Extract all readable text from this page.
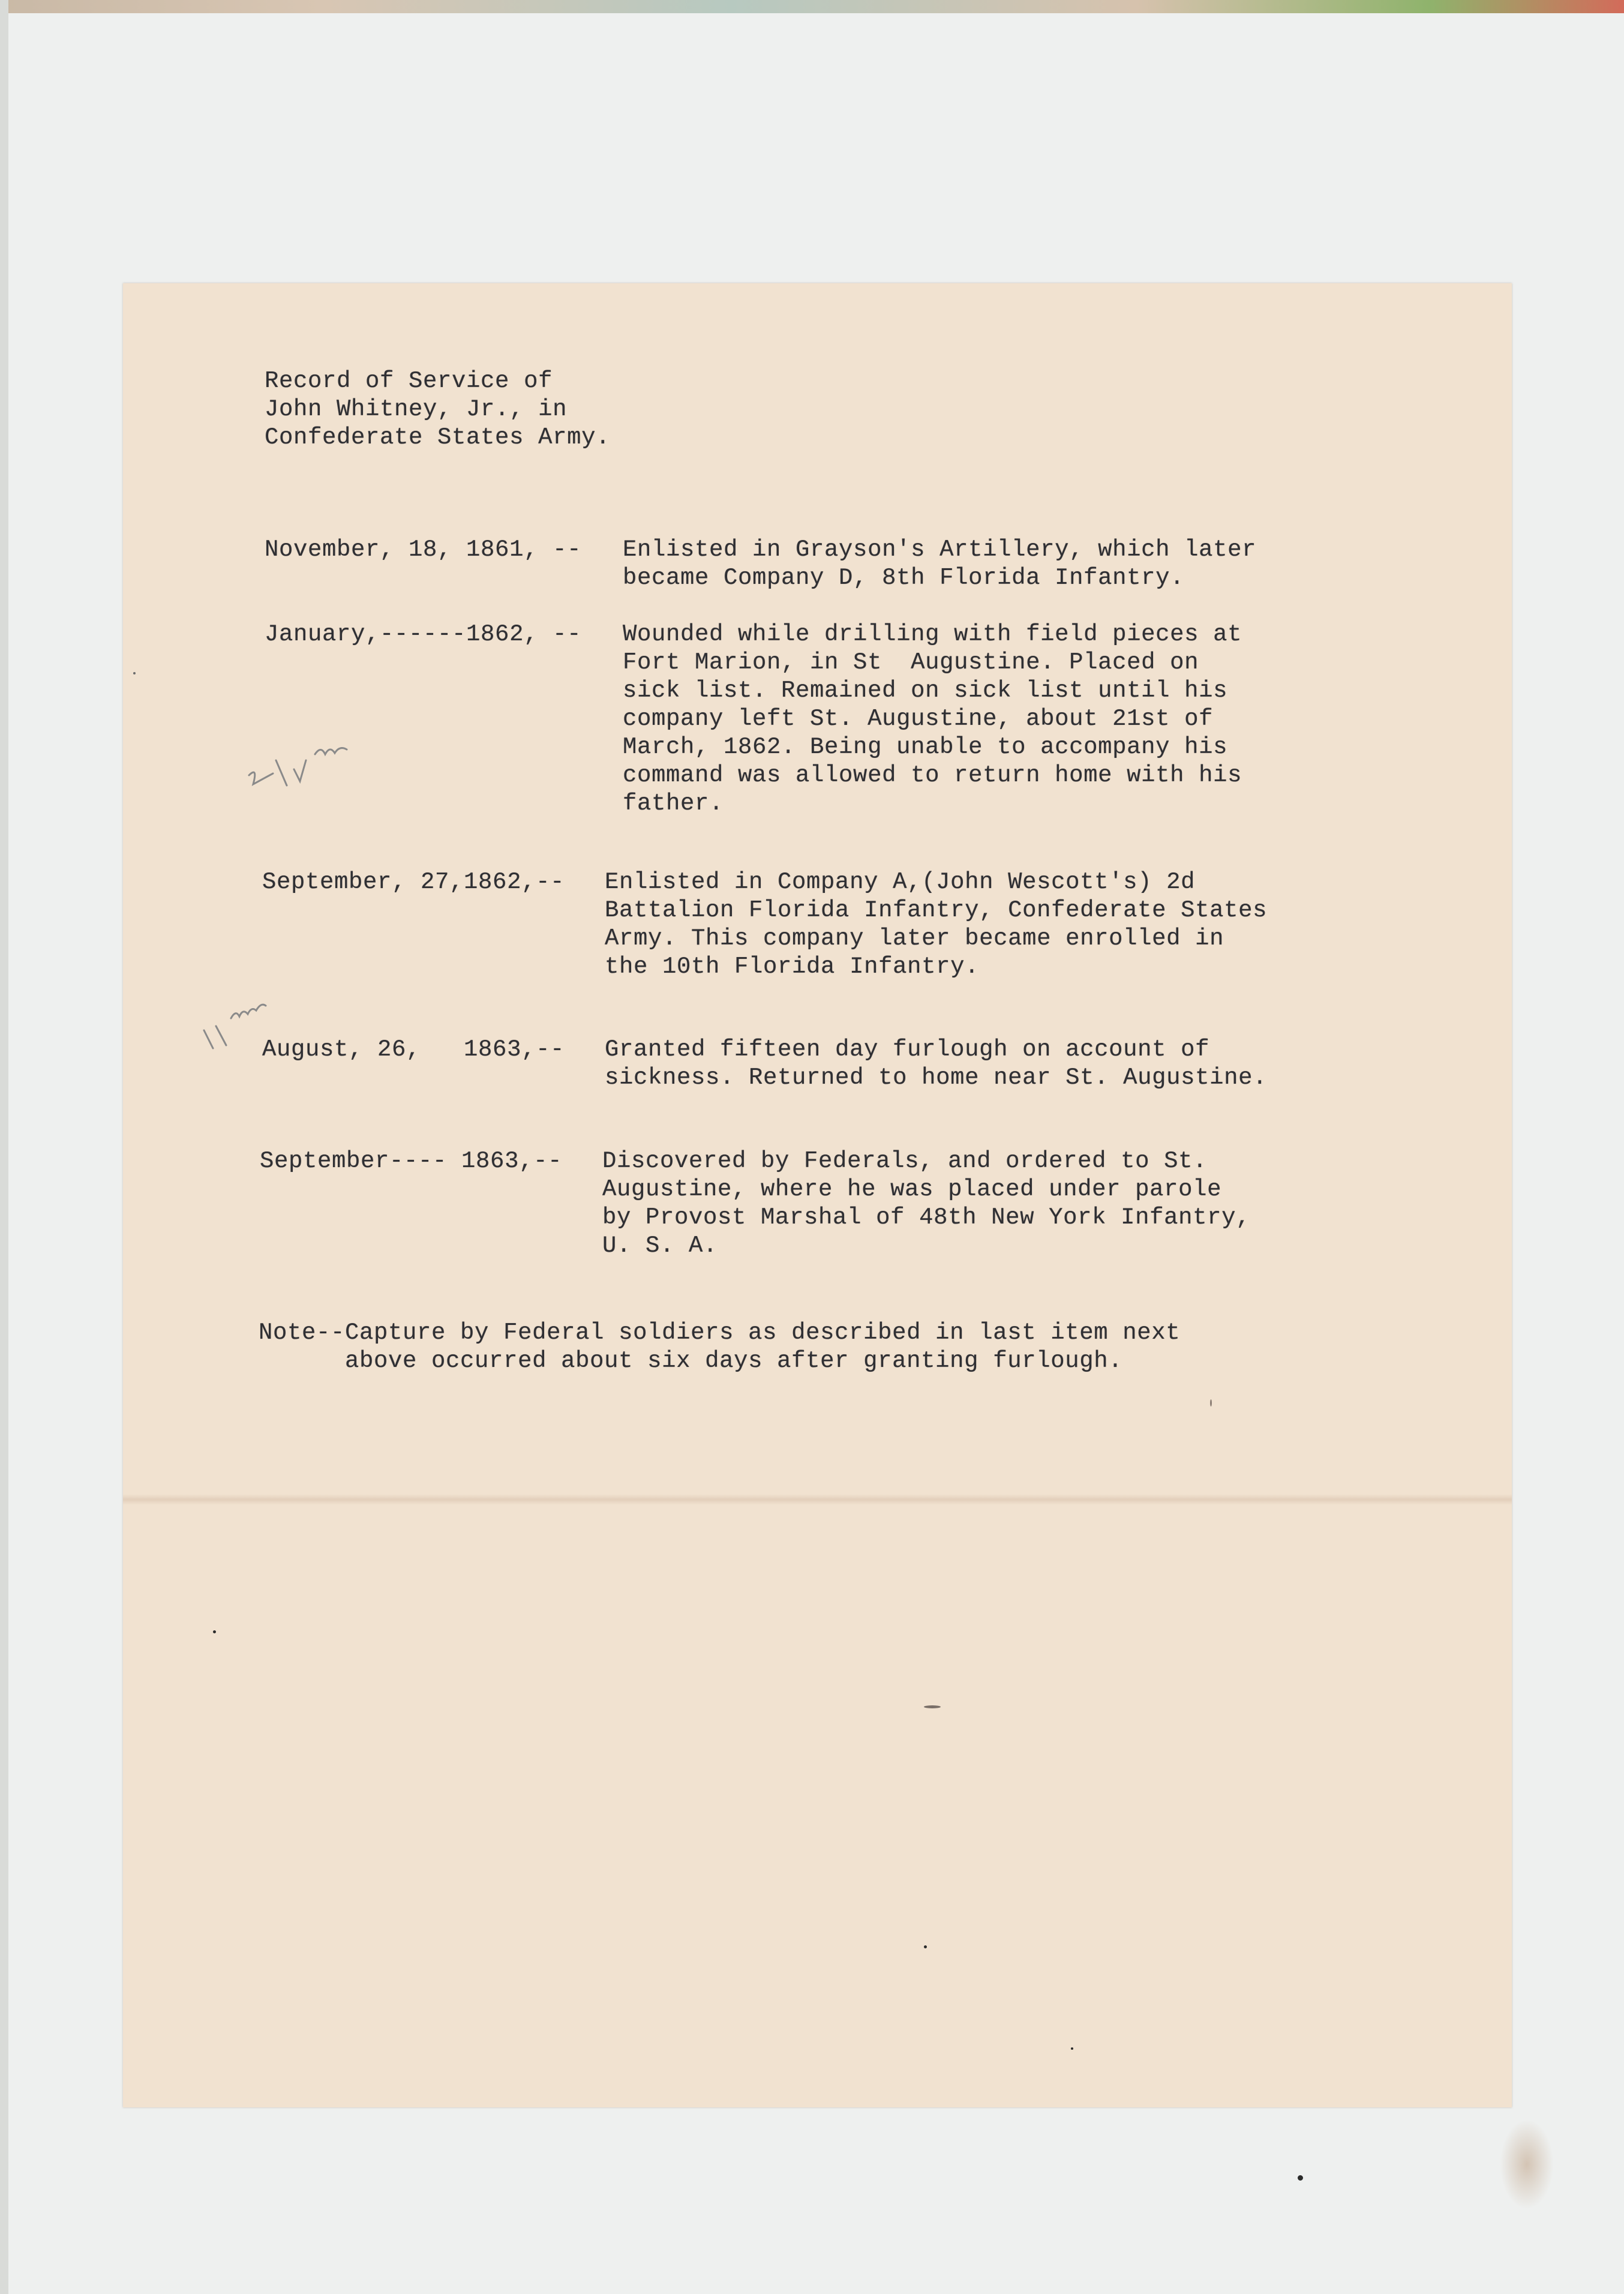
Record of Service of
John Whitney, Jr., in
Confederate States Army.
November, 18, 1861, -- Enlisted in Grayson's Artillery, which later
became Company D, 8th Florida Infantry.
January,------1862, -- Wounded while drilling with field pieces at
Fort Marion, in St  Augustine. Placed on
sick list. Remained on sick list until his
company left St. Augustine, about 21st of
March, 1862. Being unable to accompany his
command was allowed to return home with his
father.
September, 27,1862,-- Enlisted in Company A,(John Wescott's) 2d
Battalion Florida Infantry, Confederate States
Army. This company later became enrolled in
the 10th Florida Infantry.
August, 26,   1863,-- Granted fifteen day furlough on account of
sickness. Returned to home near St. Augustine.
September---- 1863,-- Discovered by Federals, and ordered to St.
Augustine, where he was placed under parole
by Provost Marshal of 48th New York Infantry,
U. S. A.
Note--Capture by Federal soldiers as described in last item next
above occurred about six days after granting furlough.
